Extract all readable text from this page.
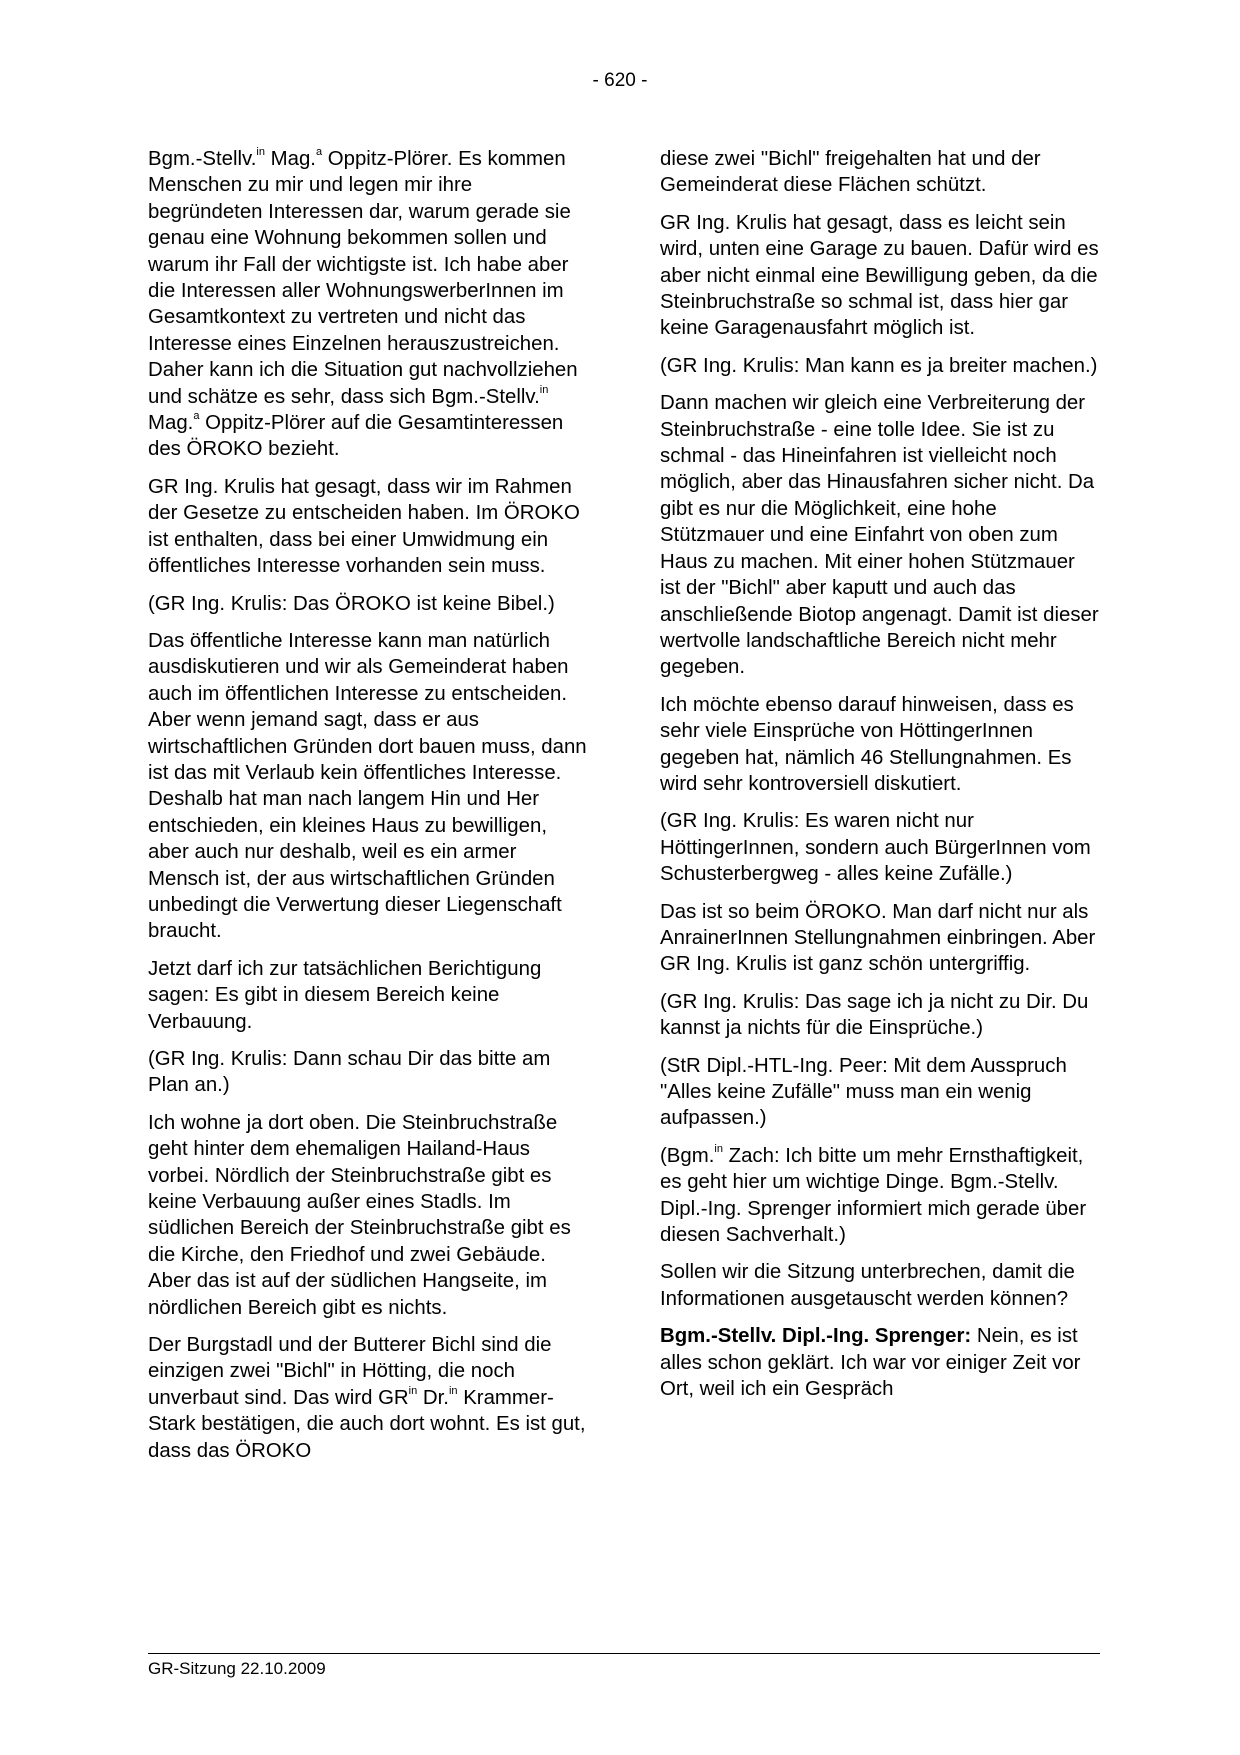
- 620 -

Bgm.-Stellv.$^{in}$ Mag.$^a$ Oppitz-Plörer. Es kommen Menschen zu mir und legen mir ihre begründeten Interessen dar, warum gerade sie genau eine Wohnung bekommen sollen und warum ihr Fall der wichtigste ist. Ich habe aber die Interessen aller WohnungswerberInnen im Gesamtkontext zu vertreten und nicht das Interesse eines Einzelnen herauszustreichen. Daher kann ich die Situation gut nachvollziehen und schätze es sehr, dass sich Bgm.-Stellv.$^{in}$ Mag.$^a$ Oppitz-Plörer auf die Gesamtinteressen des ÖROKO bezieht.

GR Ing. Krulis hat gesagt, dass wir im Rahmen der Gesetze zu entscheiden haben. Im ÖROKO ist enthalten, dass bei einer Umwidmung ein öffentliches Interesse vorhanden sein muss.

(GR Ing. Krulis: Das ÖROKO ist keine Bibel.)

Das öffentliche Interesse kann man natürlich ausdiskutieren und wir als Gemeinderat haben auch im öffentlichen Interesse zu entscheiden. Aber wenn jemand sagt, dass er aus wirtschaftlichen Gründen dort bauen muss, dann ist das mit Verlaub kein öffentliches Interesse. Deshalb hat man nach langem Hin und Her entschieden, ein kleines Haus zu bewilligen, aber auch nur deshalb, weil es ein armer Mensch ist, der aus wirtschaftlichen Gründen unbedingt die Verwertung dieser Liegenschaft braucht.

Jetzt darf ich zur tatsächlichen Berichtigung sagen: Es gibt in diesem Bereich keine Verbauung.

(GR Ing. Krulis: Dann schau Dir das bitte am Plan an.)

Ich wohne ja dort oben. Die Steinbruchstraße geht hinter dem ehemaligen Hailand-Haus vorbei. Nördlich der Steinbruchstraße gibt es keine Verbauung außer eines Stadls. Im südlichen Bereich der Steinbruchstraße gibt es die Kirche, den Friedhof und zwei Gebäude. Aber das ist auf der südlichen Hangseite, im nördlichen Bereich gibt es nichts.

Der Burgstadl und der Butterer Bichl sind die einzigen zwei "Bichl" in Hötting, die noch unverbaut sind. Das wird $GR^{in}$ Dr.$^{in}$ Krammer-Stark bestätigen, die auch dort wohnt. Es ist gut, dass das ÖROKO

diese zwei "Bichl" freigehalten hat und der Gemeinderat diese Flächen schützt.

GR Ing. Krulis hat gesagt, dass es leicht sein wird, unten eine Garage zu bauen. Dafür wird es aber nicht einmal eine Bewilligung geben, da die Steinbruchstraße so schmal ist, dass hier gar keine Garagenausfahrt möglich ist.

(GR Ing. Krulis: Man kann es ja breiter machen.)

Dann machen wir gleich eine Verbreiterung der Steinbruchstraße - eine tolle Idee. Sie ist zu schmal - das Hineinfahren ist vielleicht noch möglich, aber das Hinausfahren sicher nicht. Da gibt es nur die Möglichkeit, eine hohe Stützmauer und eine Einfahrt von oben zum Haus zu machen. Mit einer hohen Stützmauer ist der "Bichl" aber kaputt und auch das anschließende Biotop angenagt. Damit ist dieser wertvolle landschaftliche Bereich nicht mehr gegeben.

Ich möchte ebenso darauf hinweisen, dass es sehr viele Einsprüche von HöttingerInnen gegeben hat, nämlich 46 Stellungnahmen. Es wird sehr kontroversiell diskutiert.

(GR Ing. Krulis: Es waren nicht nur HöttingerInnen, sondern auch BürgerInnen vom Schusterbergweg - alles keine Zufälle.)

Das ist so beim ÖROKO. Man darf nicht nur als AnrainerInnen Stellungnahmen einbringen. Aber GR Ing. Krulis ist ganz schön untergriffig.

(GR Ing. Krulis: Das sage ich ja nicht zu Dir. Du kannst ja nichts für die Einsprüche.)

(StR Dipl.-HTL-Ing. Peer: Mit dem Ausspruch "Alles keine Zufälle" muss man ein wenig aufpassen.)

(Bgm.$^{in}$ Zach: Ich bitte um mehr Ernsthaftigkeit, es geht hier um wichtige Dinge. Bgm.-Stellv. Dipl.-Ing. Sprenger informiert mich gerade über diesen Sachverhalt.)

Sollen wir die Sitzung unterbrechen, damit die Informationen ausgetauscht werden können?

Bgm.-Stellv. Dipl.-Ing. Sprenger: Nein, es ist alles schon geklärt. Ich war vor einiger Zeit vor Ort, weil ich ein Gespräch

GR-Sitzung 22.10.2009
